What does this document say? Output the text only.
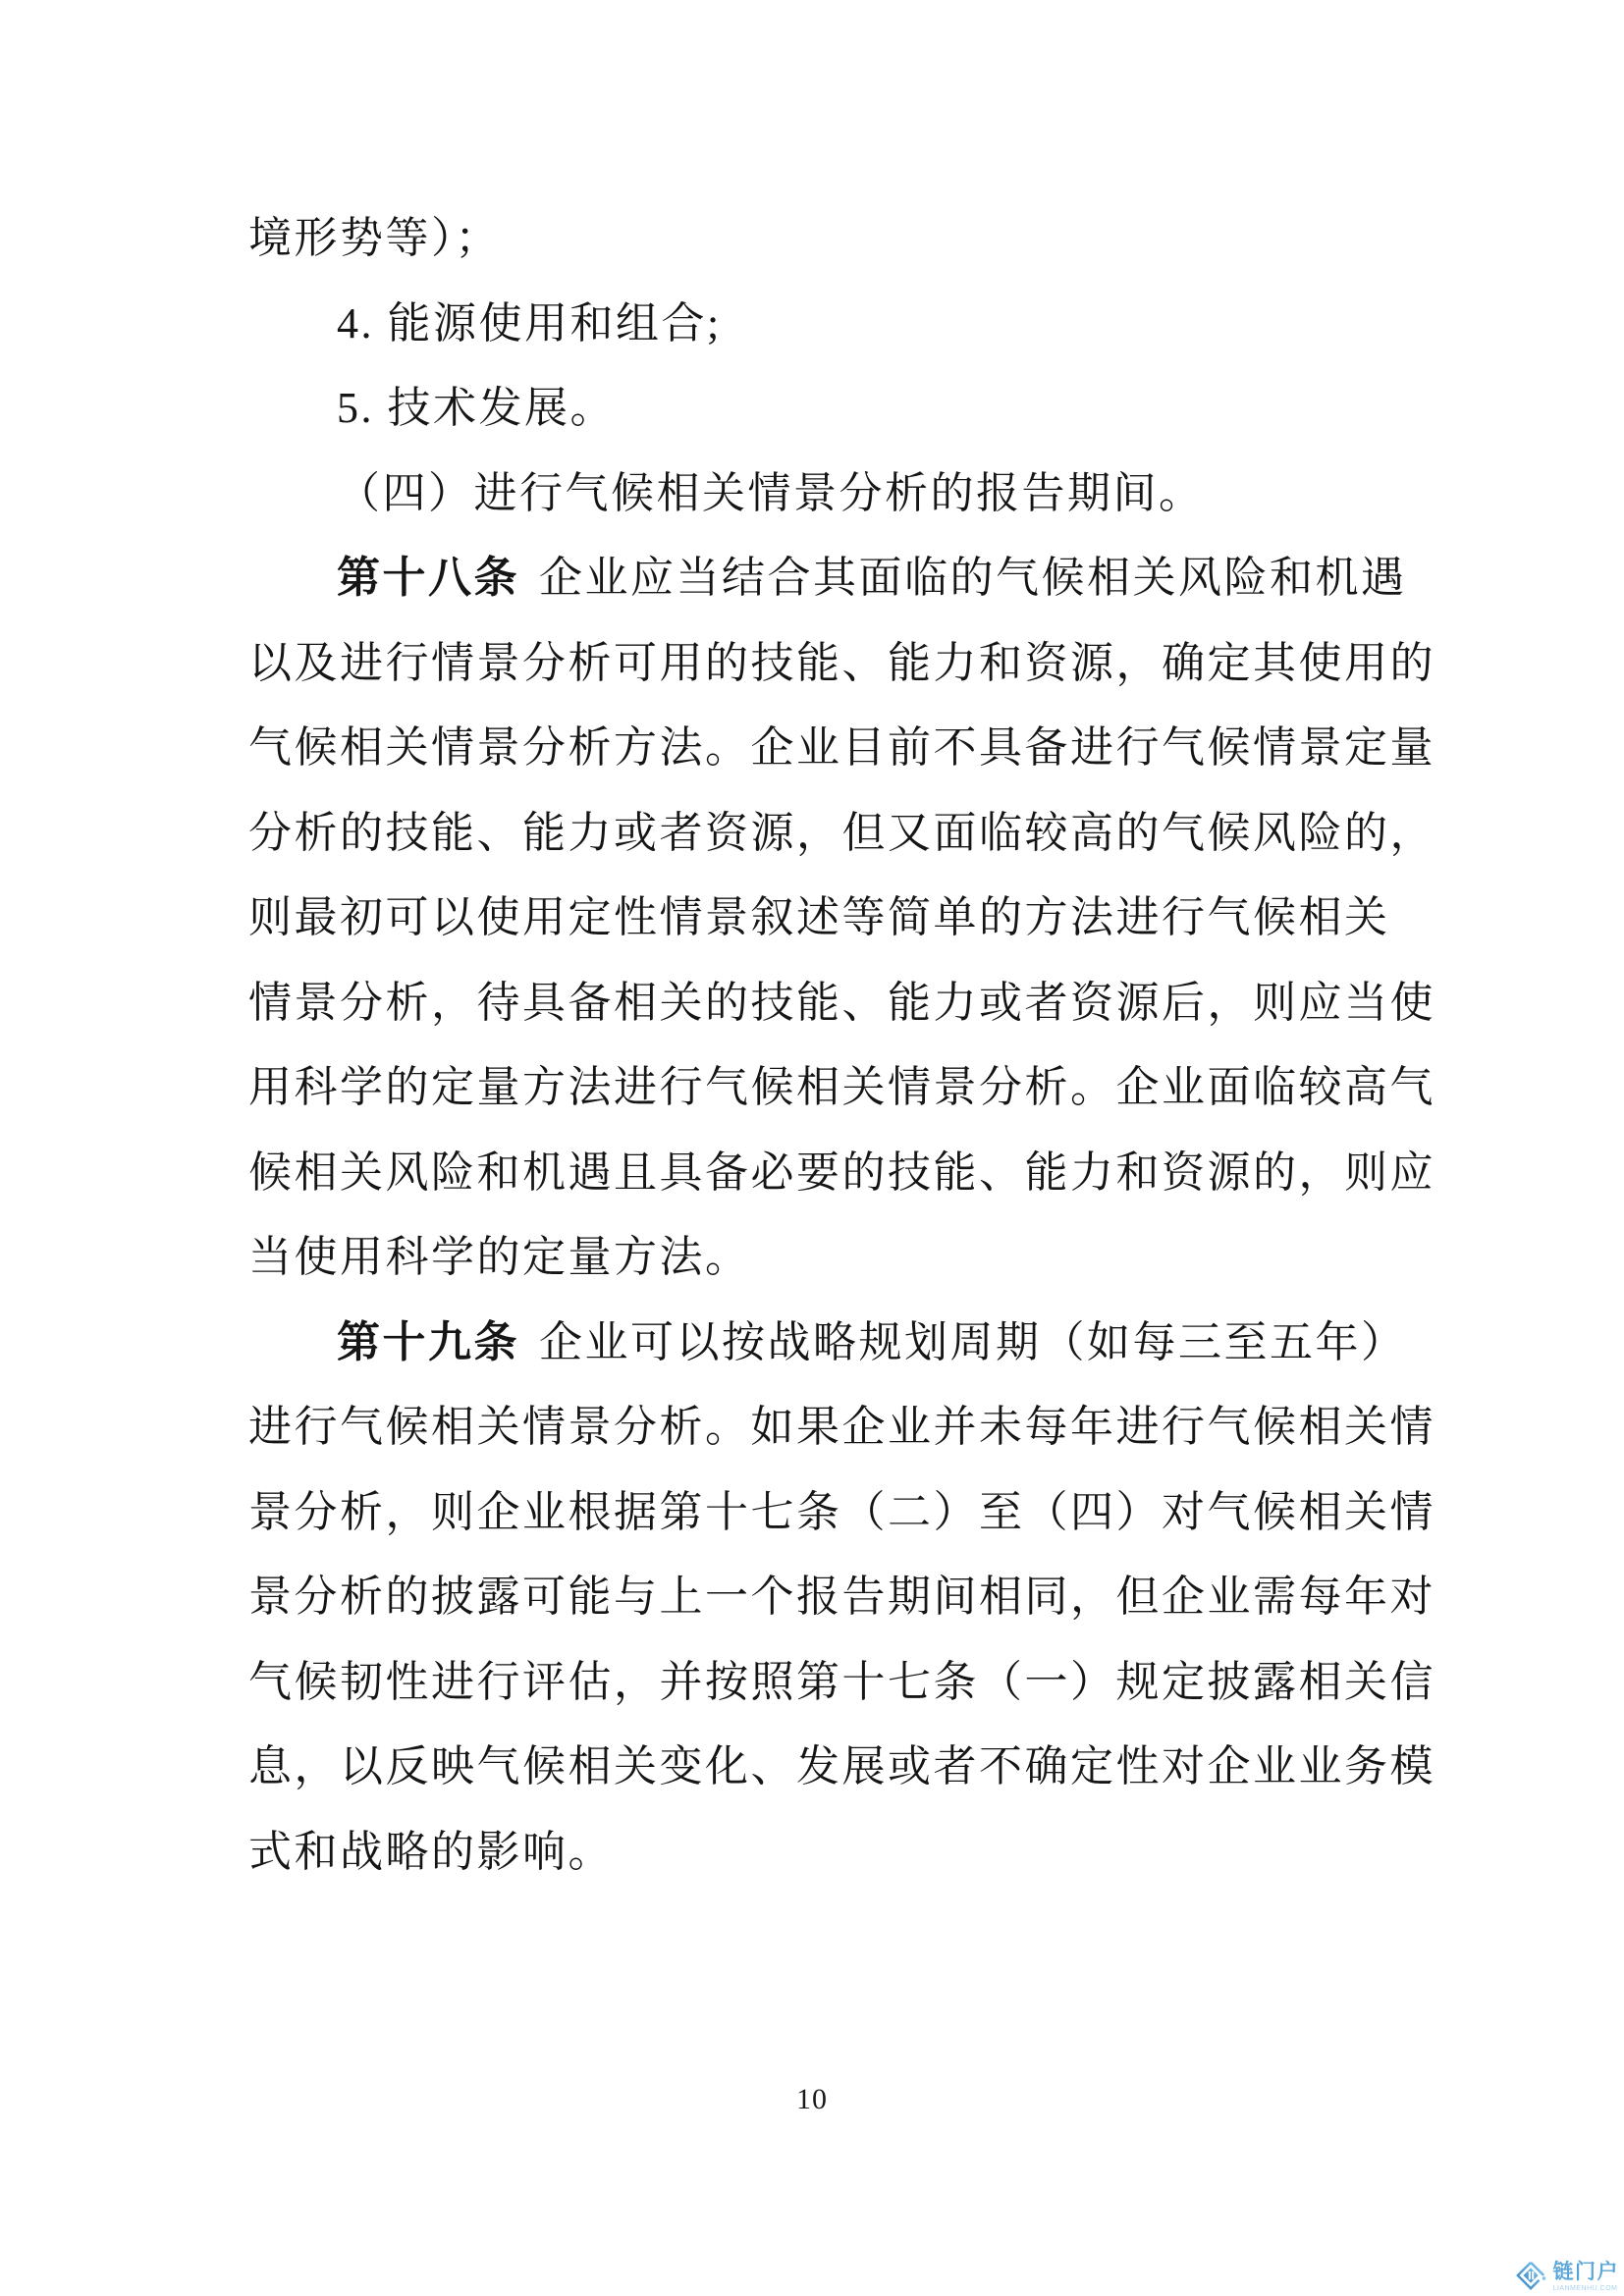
境形势等）；
4. 能源使用和组合;
5. 技术发展。
（四）进行气候相关情景分析的报告期间。
第十八条 企业应当结合其面临的气候相关风险和机遇
以及进行情景分析可用的技能、能力和资源，确定其使用的
气候相关情景分析方法。企业目前不具备进行气候情景定量
分析的技能、能力或者资源，但又面临较高的气候风险的，
则最初可以使用定性情景叙述等简单的方法进行气候相关
情景分析，待具备相关的技能、能力或者资源后，则应当使
用科学的定量方法进行气候相关情景分析。企业面临较高气
候相关风险和机遇且具备必要的技能、能力和资源的，则应
当使用科学的定量方法。
第十九条 企业可以按战略规划周期（如每三至五年）
进行气候相关情景分析。如果企业并未每年进行气候相关情
景分析，则企业根据第十七条（二）至（四）对气候相关情
景分析的披露可能与上一个报告期间相同，但企业需每年对
气候韧性进行评估，并按照第十七条（一）规定披露相关信
息，以反映气候相关变化、发展或者不确定性对企业业务模
式和战略的影响。
10
链门户
LIANMENHU.COM
